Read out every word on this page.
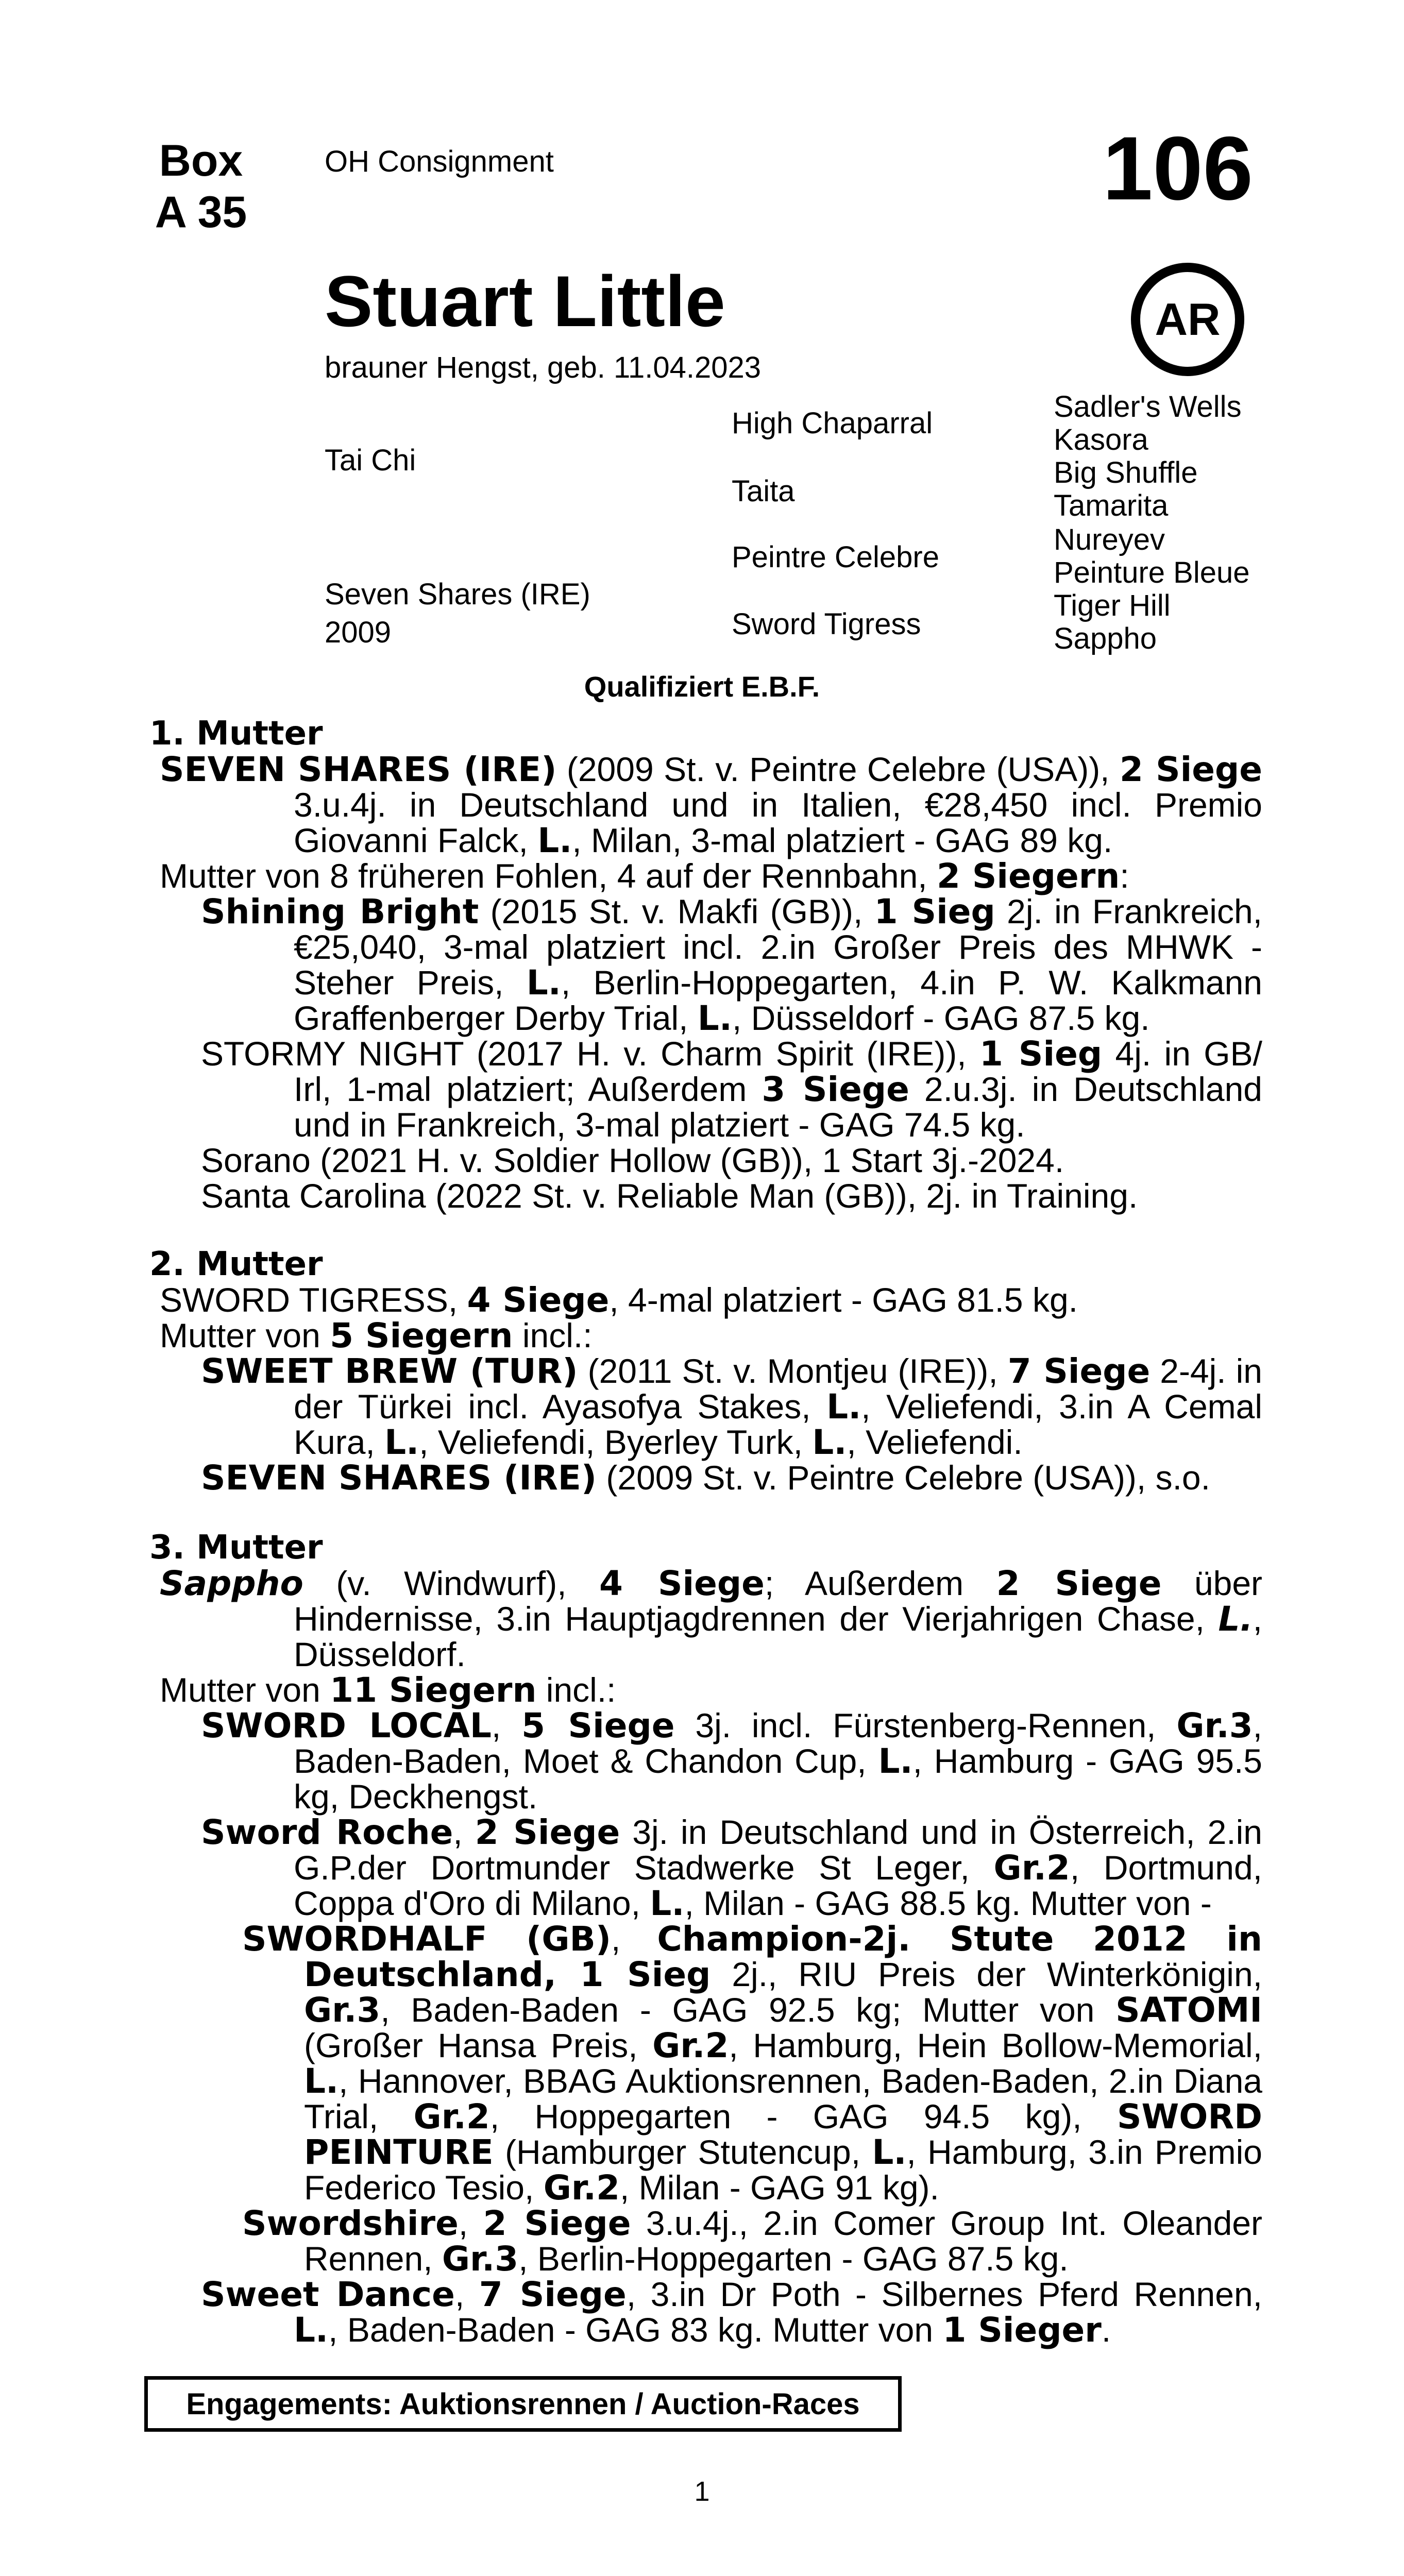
Box
A 35
OH Consignment	106
AR
Stuart Little
brauner Hengst, geb. 11.04.2023
Tai Chi
Seven Shares (IRE)
2009
High Chaparral
Taita
Peintre Celebre
Sword Tigress
Sadler's Wells
Kasora
Big Shuffle
Tamarita
Nureyev
Peinture Bleue
Tiger Hill
Sappho
Qualifiziert E.B.F.

1. Mutter

SEVEN SHARES (IRE) (2009 St. v. Peintre Celebre (USA)), 2 Siege 3.u.4j. in Deutschland und in Italien, €28,450 incl. Premio Giovanni Falck, L., Milan, 3-mal platziert - GAG 89 kg.

Mutter von 8 früheren Fohlen, 4 auf der Rennbahn, 2 Siegern:

Shining Bright (2015 St. v. Makfi (GB)), 1 Sieg 2j. in Frankreich, €25,040, 3-mal platziert incl. 2.in Großer Preis des MHWK - Steher Preis, L., Berlin-Hoppegarten, 4.in P. W. Kalkmann Graffenberger Derby Trial, L., Düsseldorf - GAG 87.5 kg.

STORMY NIGHT (2017 H. v. Charm Spirit (IRE)), 1 Sieg 4j. in GB/ Irl, 1-mal platziert; Außerdem 3 Siege 2.u.3j. in Deutschland und in Frankreich, 3-mal platziert - GAG 74.5 kg.

Sorano (2021 H. v. Soldier Hollow (GB)), 1 Start 3j.-2024.

Santa Carolina (2022 St. v. Reliable Man (GB)), 2j. in Training.

2. Mutter

SWORD TIGRESS, 4 Siege, 4-mal platziert - GAG 81.5 kg.

Mutter von 5 Siegern incl.:

SWEET BREW (TUR) (2011 St. v. Montjeu (IRE)), 7 Siege 2-4j. in der Türkei incl. Ayasofya Stakes, L., Veliefendi, 3.in A Cemal Kura, L., Veliefendi, Byerley Turk, L., Veliefendi.

SEVEN SHARES (IRE) (2009 St. v. Peintre Celebre (USA)), s.o.

3. Mutter

Sappho (v. Windwurf), 4 Siege; Außerdem 2 Siege über Hindernisse, 3.in Hauptjagdrennen der Vierjahrigen Chase, L., Düsseldorf.

Mutter von 11 Siegern incl.:

SWORD LOCAL, 5 Siege 3j. incl. Fürstenberg-Rennen, Gr.3, Baden-Baden, Moet & Chandon Cup, L., Hamburg - GAG 95.5 kg, Deckhengst.

Sword Roche, 2 Siege 3j. in Deutschland und in Österreich, 2.in G.P.der Dortmunder Stadwerke St Leger, Gr.2, Dortmund, Coppa d'Oro di Milano, L., Milan - GAG 88.5 kg. Mutter von -

SWORDHALF (GB), Champion-2j. Stute 2012 in Deutschland, 1 Sieg 2j., RIU Preis der Winterkönigin, Gr.3, Baden-Baden - GAG 92.5 kg; Mutter von SATOMI (Großer Hansa Preis, Gr.2, Hamburg, Hein Bollow-Memorial, L., Hannover, BBAG Auktionsrennen, Baden-Baden, 2.in Diana Trial, Gr.2, Hoppegarten - GAG 94.5 kg), SWORD PEINTURE (Hamburger Stutencup, L., Hamburg, 3.in Premio Federico Tesio, Gr.2, Milan - GAG 91 kg).

Swordshire, 2 Siege 3.u.4j., 2.in Comer Group Int. Oleander Rennen, Gr.3, Berlin-Hoppegarten - GAG 87.5 kg.

Sweet Dance, 7 Siege, 3.in Dr Poth - Silbernes Pferd Rennen, L., Baden-Baden - GAG 83 kg. Mutter von 1 Sieger.

Engagements: Auktionsrennen / Auction-Races
1
